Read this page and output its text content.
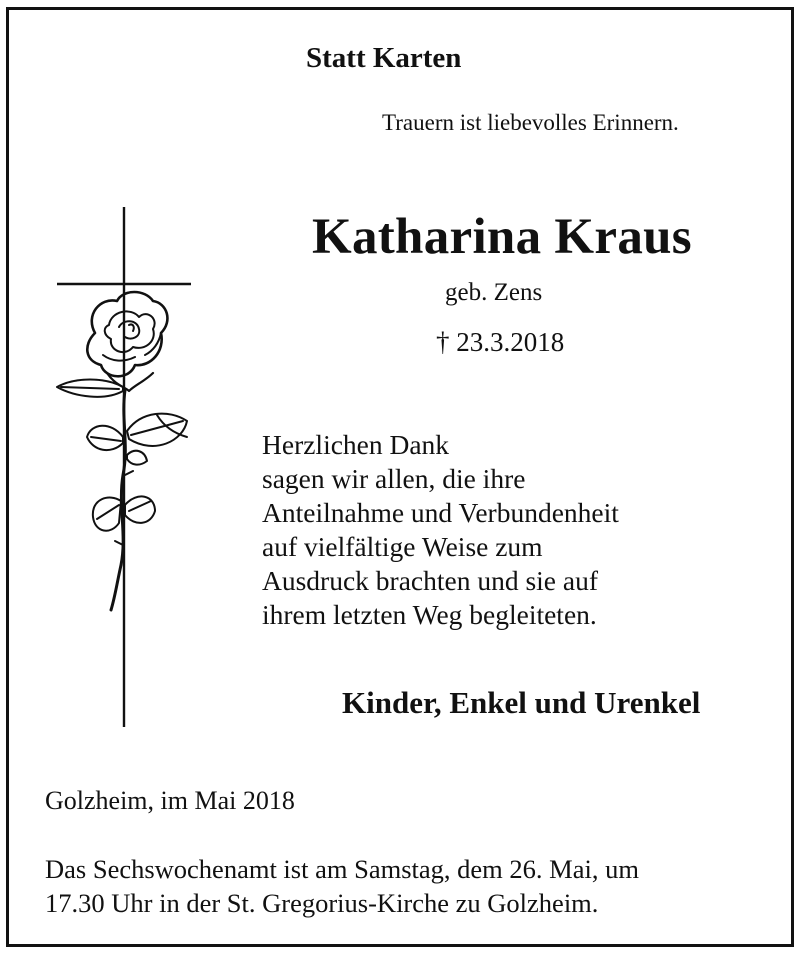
Statt Karten
Trauern ist liebevolles Erinnern.
Katharina Kraus
geb. Zens
† 23.3.2018
Herzlichen Dank
sagen wir allen, die ihre
Anteilnahme und Verbundenheit
auf vielfältige Weise zum
Ausdruck brachten und sie auf
ihrem letzten Weg begleiteten.
Kinder, Enkel und Urenkel
Golzheim, im Mai 2018
Das Sechswochenamt ist am Samstag, dem 26. Mai, um
17.30 Uhr in der St. Gregorius-Kirche zu Golzheim.
